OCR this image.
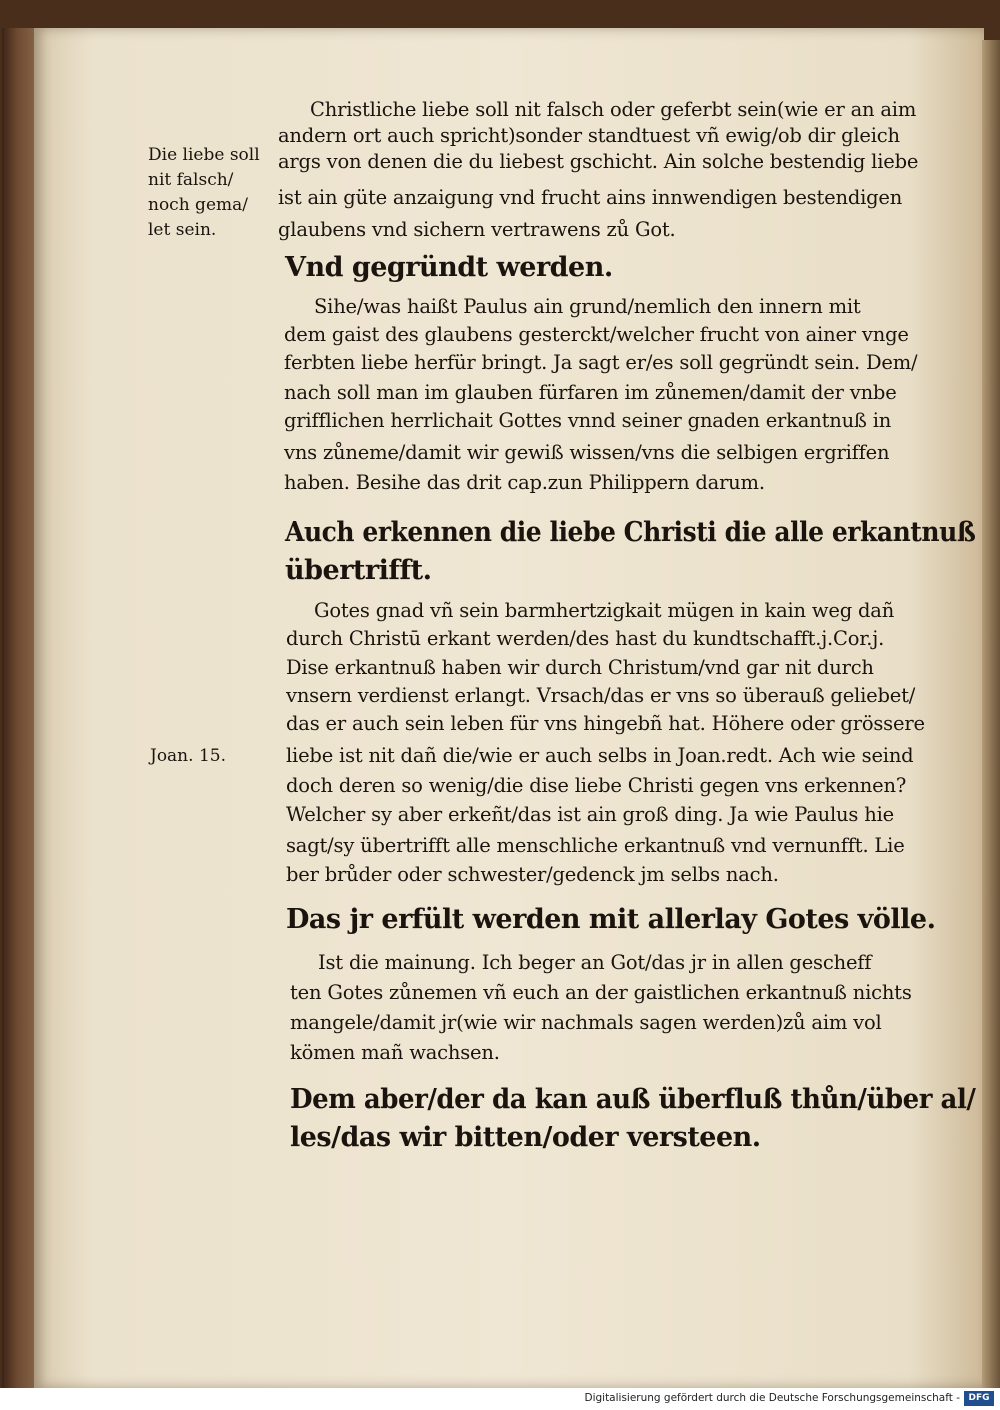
Die liebe soll
nit falsch/
noch gema/
let sein.
Joan. 15.
Christliche liebe soll nit falsch oder geferbt sein(wie er an aim
andern ort auch spricht)sonder standtuest vñ ewig/ob dir gleich
args von denen die du liebest gschicht. Ain solche bestendig liebe
ist ain güte anzaigung vnd frucht ains innwendigen bestendigen
glaubens vnd sichern vertrawens zů Got.
Vnd gegründt werden.
Sihe/was haißt Paulus ain grund/nemlich den innern mit
dem gaist des glaubens gesterckt/welcher frucht von ainer vnge
ferbten liebe herfür bringt. Ja sagt er/es soll gegründt sein. Dem/
nach soll man im glauben fürfaren im zůnemen/damit der vnbe
grifflichen herrlichait Gottes vnnd seiner gnaden erkantnuß in
vns zůneme/damit wir gewiß wissen/vns die selbigen ergriffen
haben. Besihe das drit cap.zun Philippern darum.
Auch erkennen die liebe Christi die alle erkantnuß
übertrifft.
Gotes gnad vñ sein barmhertzigkait mügen in kain weg dañ
durch Christū erkant werden/des hast du kundtschafft.j.Cor.j.
Dise erkantnuß haben wir durch Christum/vnd gar nit durch
vnsern verdienst erlangt. Vrsach/das er vns so überauß geliebet/
das er auch sein leben für vns hingebñ hat. Höhere oder grössere
liebe ist nit dañ die/wie er auch selbs in Joan.redt. Ach wie seind
doch deren so wenig/die dise liebe Christi gegen vns erkennen?
Welcher sy aber erkeñt/das ist ain groß ding. Ja wie Paulus hie
sagt/sy übertrifft alle menschliche erkantnuß vnd vernunfft. Lie
ber brůder oder schwester/gedenck jm selbs nach.
Das jr erfült werden mit allerlay Gotes völle.
Ist die mainung. Ich beger an Got/das jr in allen gescheff
ten Gotes zůnemen vñ euch an der gaistlichen erkantnuß nichts
mangele/damit jr(wie wir nachmals sagen werden)zů aim vol
kömen mañ wachsen.
Dem aber/der da kan auß überfluß thůn/über al/
les/das wir bitten/oder versteen.
Digitalisierung gefördert durch die Deutsche Forschungsgemeinschaft - DFG
